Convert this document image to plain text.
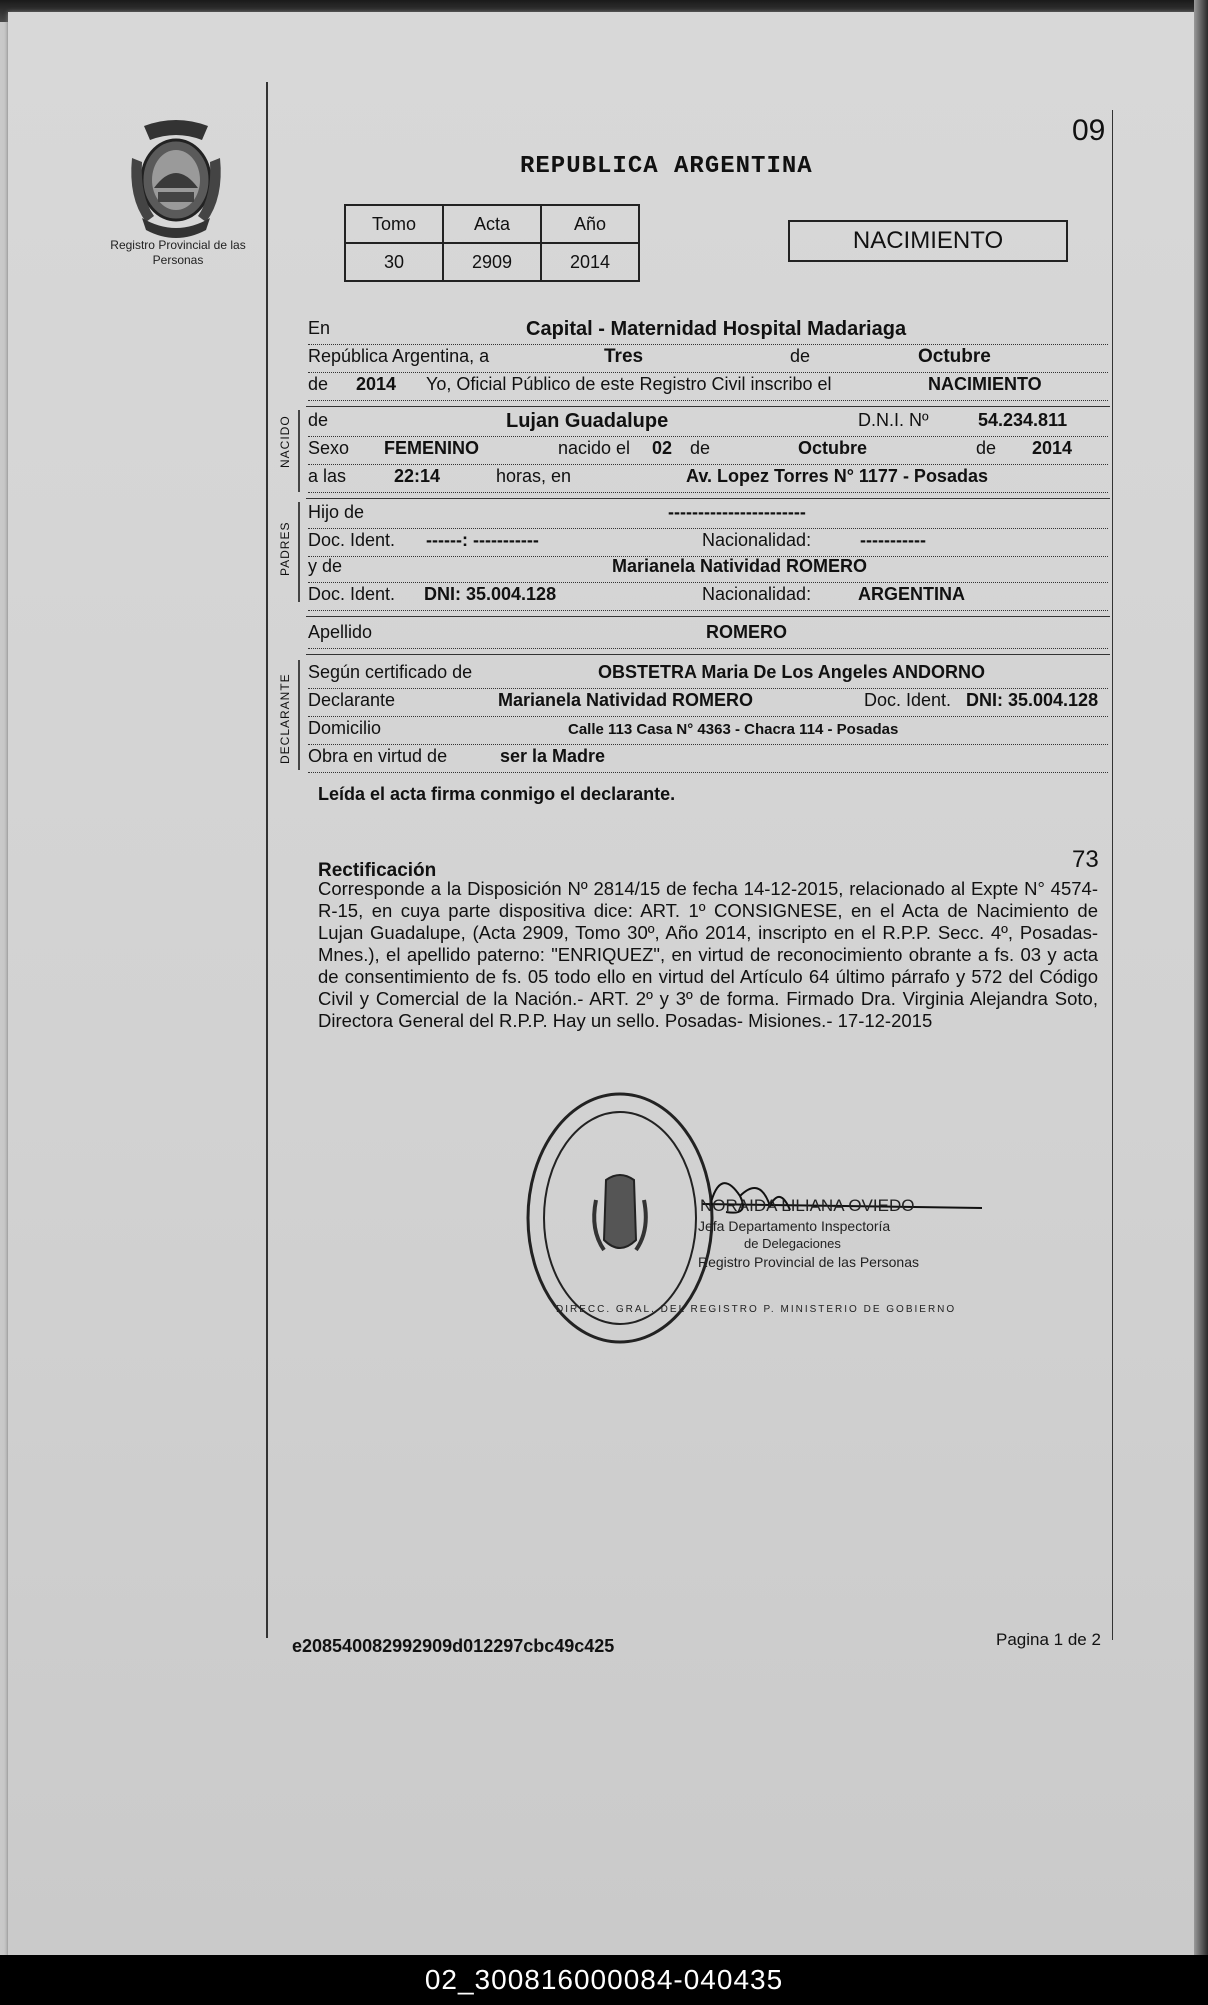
Registro Provincial de las Personas
09
REPUBLICA ARGENTINA
Tomo	Acta	Año
30	2909	2014
NACIMIENTO
En	Capital - Maternidad Hospital Madariaga
República Argentina, a	Tres	de	Octubre
de 2014 Yo, Oficial Público de este Registro Civil inscribo el	NACIMIENTO
NACIDO de	Lujan Guadalupe	D.N.I. Nº	54.234.811
Sexo FEMENINO	nacido el 02 de	Octubre	de 2014
a las	22:14	horas, en	Av. Lopez Torres N° 1177 - Posadas
PADRES
Hijo de	-----------------------
Doc. Ident. ------: -----------	Nacionalidad:	-----------
y de	Marianela Natividad ROMERO
Doc. Ident. DNI: 35.004.128	Nacionalidad:	ARGENTINA
Apellido	ROMERO
DECLARANTE
Según certificado de	OBSTETRA Maria De Los Angeles ANDORNO
Declarante	Marianela Natividad ROMERO	Doc. Ident. DNI: 35.004.128
Domicilio	Calle 113 Casa N° 4363 - Chacra 114 - Posadas
Obra en virtud de	ser la Madre
Leída el acta firma conmigo el declarante.
Rectificación	73
Corresponde a la Disposición Nº 2814/15 de fecha 14-12-2015, relacionado al Expte N° 4574-R-15, en cuya parte dispositiva dice: ART. 1º CONSIGNESE, en el Acta de Nacimiento de Lujan Guadalupe, (Acta 2909, Tomo 30º, Año 2014, inscripto en el R.P.P. Secc. 4º, Posadas- Mnes.), el apellido paterno: "ENRIQUEZ", en virtud de reconocimiento obrante a fs. 03 y acta de consentimiento de fs. 05 todo ello en virtud del Artículo 64 último párrafo y 572 del Código Civil y Comercial de la Nación.- ART. 2º y 3º de forma. Firmado Dra. Virginia Alejandra Soto, Directora General del R.P.P. Hay un sello. Posadas- Misiones.- 17-12-2015
DIRECC. GRAL. DEL REGISTRO P. MINISTERIO DE GOBIERNO
NORAIDA LILIANA OVIEDO
Jefa Departamento Inspectoría
de Delegaciones
Registro Provincial de las Personas
e208540082992909d012297cbc49c425	Pagina 1 de 2
02_300816000084-040435
